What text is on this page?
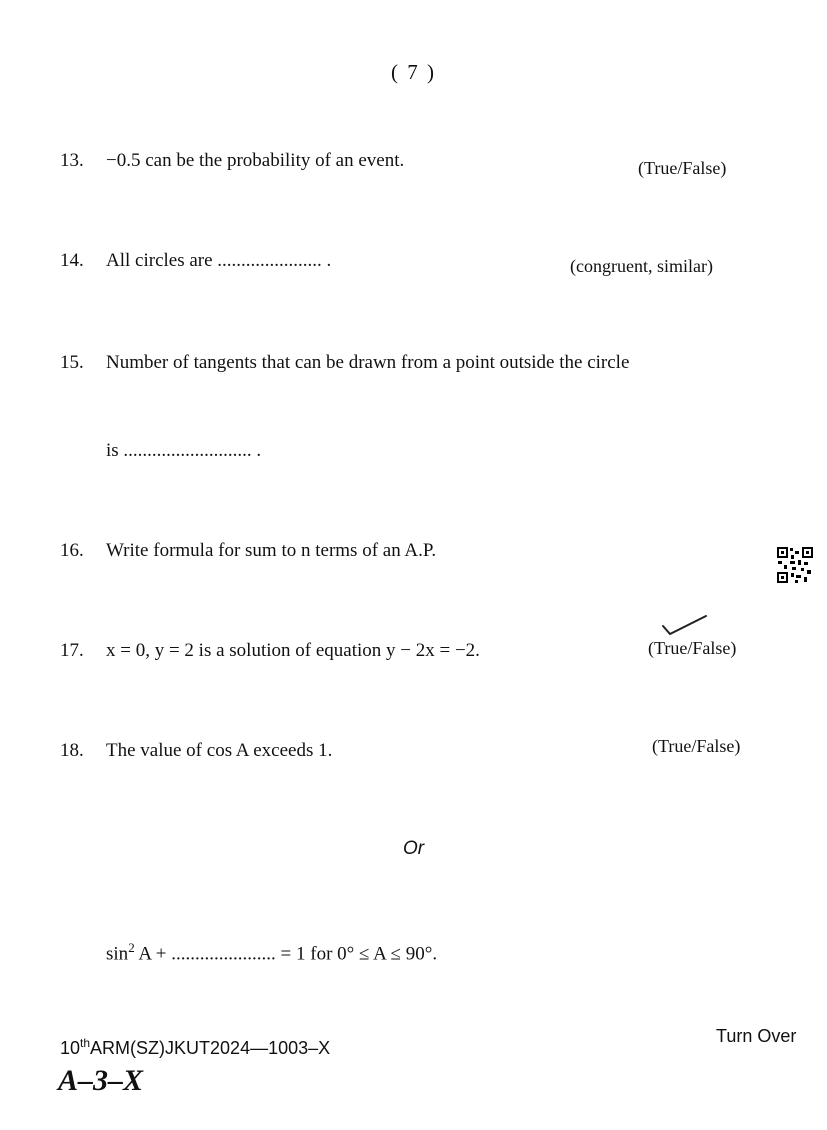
( 7 )
13. −0.5 can be the probability of an event.	(True/False)
14. All circles are ...................... .	(congruent, similar)
15. Number of tangents that can be drawn from a point outside the circle
is ........................... .
16. Write formula for sum to n terms of an A.P.
17. x = 0, y = 2 is a solution of equation y − 2x = −2.	(True/False)
18. The value of cos A exceeds 1.	(True/False)
Or
$\sin^2 A$ + ...................... = 1 for 0° ≤ A ≤ 90°.
10thARM(SZ)JKUT2024—1003–X
A–3–X
Turn Over
